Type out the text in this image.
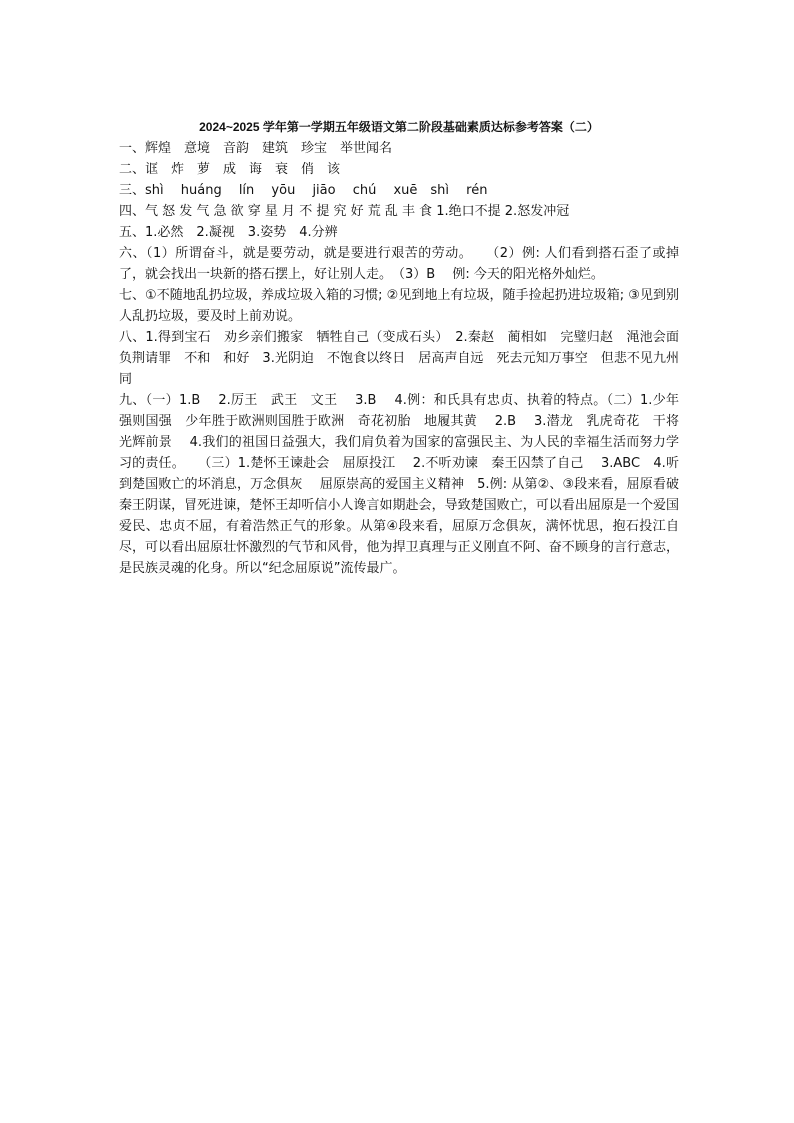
2024~2025 学年第一学期五年级语文第二阶段基础素质达标参考答案（二）
一、辉煌　意境　音韵　建筑　珍宝　举世闻名
二、诓　炸　萝　成　诲　衰　俏　该
三、shì　 huáng　 lín　 yōu　 jiāo　 chú　 xuē　shì　 rén
四、气 怒 发 气 急 欲 穿 星 月 不 提 究 好 荒 乱 丰 食 1.绝口不提 2.怒发冲冠
五、1.必然　2.凝视　3.姿势　4.分辨
六、（1）所谓奋斗，就是要劳动，就是要进行艰苦的劳动。　　（2）例: 人们看到搭石歪了或掉了，就会找出一块新的搭石摆上，好让别人走。　（3）B　 例: 今天的阳光格外灿烂。
七、①不随地乱扔垃圾，养成垃圾入箱的习惯; ②见到地上有垃圾，随手捡起扔进垃圾箱; ③见到别人乱扔垃圾，要及时上前劝说。
八、1.得到宝石　劝乡亲们搬家　牺牲自己（变成石头）　2.秦赵　蔺相如　完璧归赵　渑池会面　负荆请罪　不和　和好　3.光阴迫　不饱食以终日　居高声自远　死去元知万事空　但悲不见九州同
九、（一）1.B　 2.厉王　武王　文王　 3.B　 4.例：和氏具有忠贞、执着的特点。（二）1.少年强则国强　少年胜于欧洲则国胜于欧洲　奇花初胎　地履其黄　 2.B　 3.潜龙　乳虎奇花　干将　光辉前景　 4.我们的祖国日益强大，我们肩负着为国家的富强民主、为人民的幸福生活而努力学习的责任。　　（三）1.楚怀王谏赴会　屈原投江　 2.不听劝谏　秦王囚禁了自己　 3.ABC　4.听到楚国败亡的坏消息，万念俱灰　 屈原崇高的爱国主义精神　5.例: 从第②、③段来看，屈原看破秦王阴谋，冒死进谏，楚怀王却听信小人谗言如期赴会，导致楚国败亡，可以看出屈原是一个爱国爱民、忠贞不屈，有着浩然正气的形象。从第④段来看，屈原万念俱灰，满怀忧思，抱石投江自尽，可以看出屈原壮怀激烈的气节和风骨，他为捍卫真理与正义刚直不阿、奋不顾身的言行意志，是民族灵魂的化身。所以“纪念屈原说”流传最广。
